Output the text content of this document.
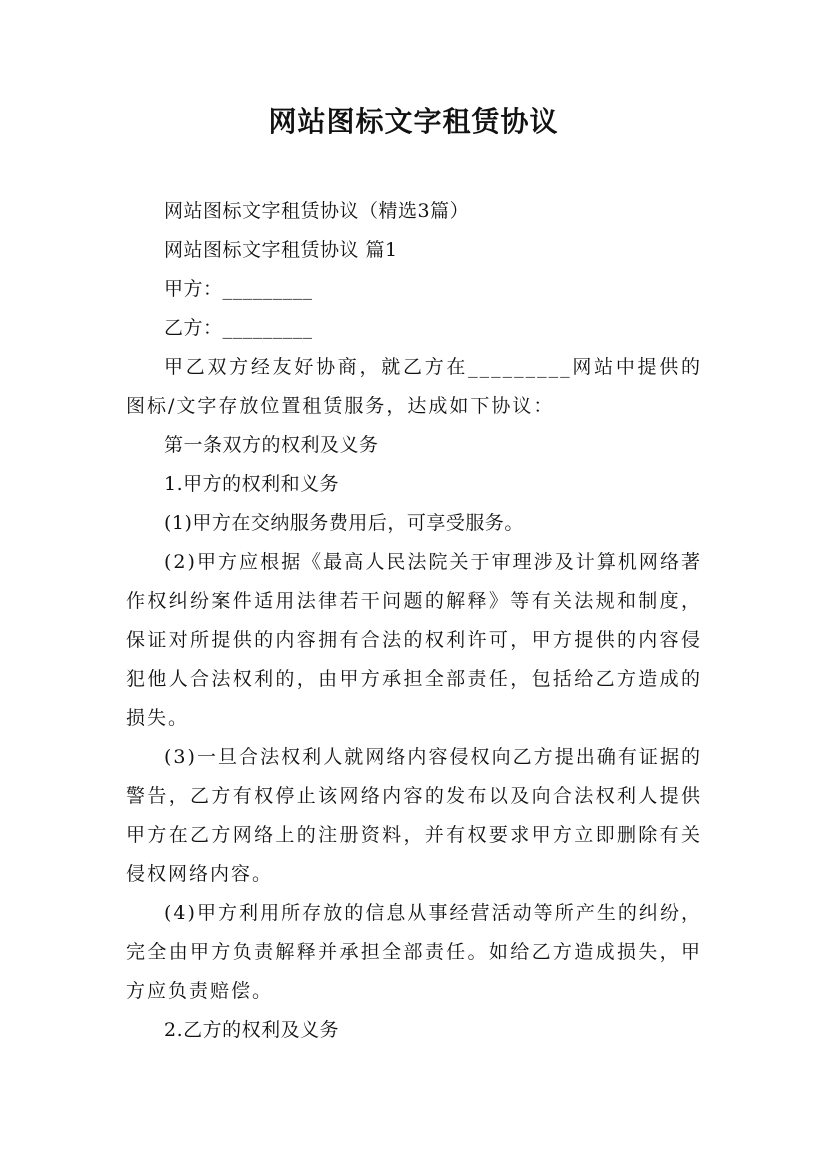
网站图标文字租赁协议

网站图标文字租赁协议（精选3篇）

网站图标文字租赁协议 篇1

甲方：_________

乙方：_________

甲乙双方经友好协商，就乙方在_________网站中提供的图标/文字存放位置租赁服务，达成如下协议：

第一条双方的权利及义务

1.甲方的权利和义务

(1)甲方在交纳服务费用后，可享受服务。

(2)甲方应根据《最高人民法院关于审理涉及计算机网络著作权纠纷案件适用法律若干问题的解释》等有关法规和制度，保证对所提供的内容拥有合法的权利许可，甲方提供的内容侵犯他人合法权利的，由甲方承担全部责任，包括给乙方造成的损失。

(3)一旦合法权利人就网络内容侵权向乙方提出确有证据的警告，乙方有权停止该网络内容的发布以及向合法权利人提供甲方在乙方网络上的注册资料，并有权要求甲方立即删除有关侵权网络内容。

(4)甲方利用所存放的信息从事经营活动等所产生的纠纷，完全由甲方负责解释并承担全部责任。如给乙方造成损失，甲方应负责赔偿。

2.乙方的权利及义务
